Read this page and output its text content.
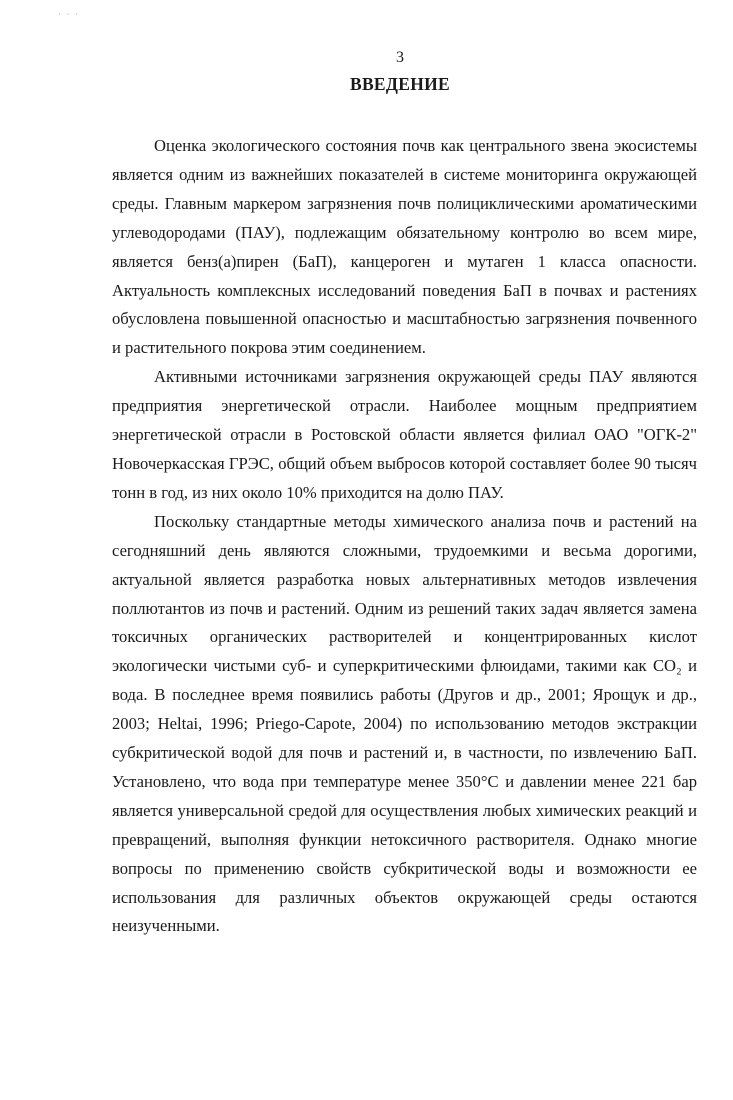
· · ·
3
ВВЕДЕНИЕ

Оценка экологического состояния почв как центрального звена экосистемы является одним из важнейших показателей в системе мониторинга окружающей среды. Главным маркером загрязнения почв полициклическими ароматическими углеводородами (ПАУ), подлежащим обязательному контролю во всем мире, является бенз(а)пирен (БаП), канцероген и мутаген 1 класса опасности. Актуальность комплексных исследований поведения БаП в почвах и растениях обусловлена повышенной опасностью и масштабностью загрязнения почвенного и растительного покрова этим соединением.

Активными источниками загрязнения окружающей среды ПАУ являются предприятия энергетической отрасли. Наиболее мощным предприятием энергетической отрасли в Ростовской области является филиал ОАО "ОГК-2" Новочеркасская ГРЭС, общий объем выбросов которой составляет более 90 тысяч тонн в год, из них около 10% приходится на долю ПАУ.

Поскольку стандартные методы химического анализа почв и растений на сегодняшний день являются сложными, трудоемкими и весьма дорогими, актуальной является разработка новых альтернативных методов извлечения поллютантов из почв и растений. Одним из решений таких задач является замена токсичных органических растворителей и концентрированных кислот экологически чистыми суб- и суперкритическими флюидами, такими как CO₂ и вода. В последнее время появились работы (Другов и др., 2001; Ярощук и др., 2003; Heltai, 1996; Priego-Capote, 2004) по использованию методов экстракции субкритической водой для почв и растений и, в частности, по извлечению БаП. Установлено, что вода при температуре менее 350°С и давлении менее 221 бар является универсальной средой для осуществления любых химических реакций и превращений, выполняя функции нетоксичного растворителя. Однако многие вопросы по применению свойств субкритической воды и возможности ее использования для различных объектов окружающей среды остаются неизученными.
